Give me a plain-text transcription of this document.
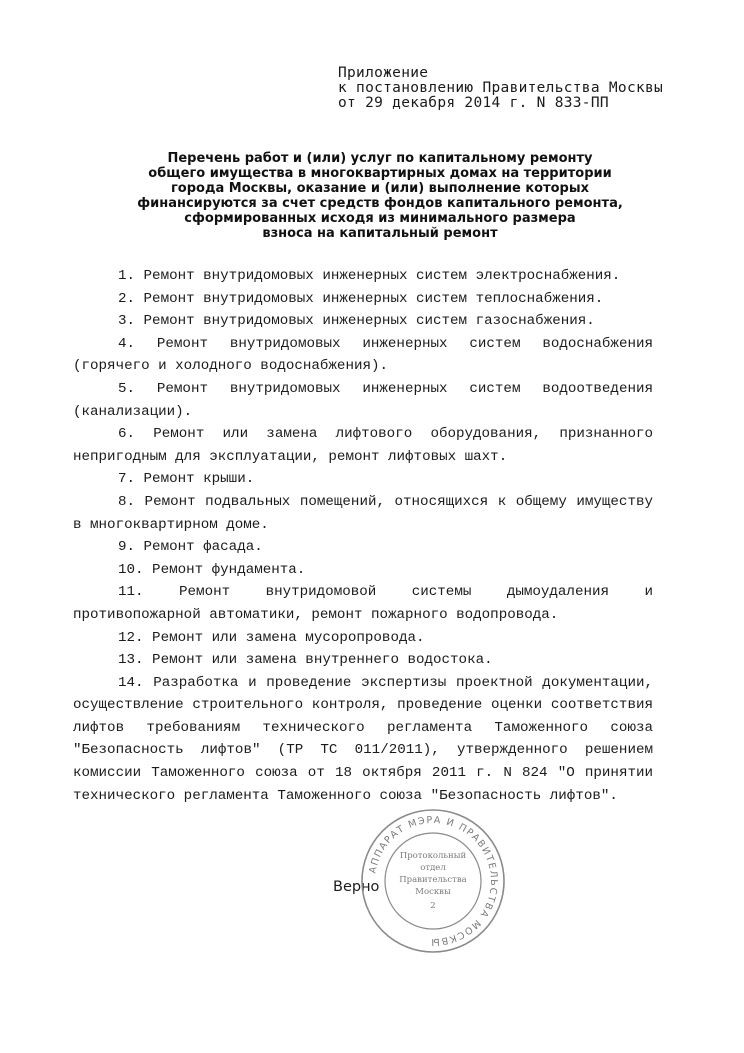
Приложение
к постановлению Правительства Москвы
от 29 декабря 2014 г. N 833-ПП
Перечень работ и (или) услуг по капитальному ремонту
общего имущества в многоквартирных домах на территории
города Москвы, оказание и (или) выполнение которых
финансируются за счет средств фондов капитального ремонта,
сформированных исходя из минимального размера
взноса на капитальный ремонт

1. Ремонт внутридомовых инженерных систем электроснабжения.

2. Ремонт внутридомовых инженерных систем теплоснабжения.

3. Ремонт внутридомовых инженерных систем газоснабжения.

4. Ремонт внутридомовых инженерных систем водоснабжения (горячего и холодного водоснабжения).

5. Ремонт внутридомовых инженерных систем водоотведения (канализации).

6. Ремонт или замена лифтового оборудования, признанного непригодным для эксплуатации, ремонт лифтовых шахт.

7. Ремонт крыши.

8. Ремонт подвальных помещений, относящихся к общему имуществу в многоквартирном доме.

9. Ремонт фасада.

10. Ремонт фундамента.

11. Ремонт внутридомовой системы дымоудаления и противопожарной автоматики, ремонт пожарного водопровода.

12. Ремонт или замена мусоропровода.

13. Ремонт или замена внутреннего водостока.

14. Разработка и проведение экспертизы проектной документации, осуществление строительного контроля, проведение оценки соответствия лифтов требованиям технического регламента Таможенного союза "Безопасность лифтов" (ТР ТС 011/2011), утвержденного решением комиссии Таможенного союза от 18 октября 2011 г. N 824 "О принятии технического регламента Таможенного союза "Безопасность лифтов".

Верно
АППАРАТ МЭРА И ПРАВИТЕЛЬСТВА МОСКВЫ
Протокольный
отдел
Правительства
Москвы
2
